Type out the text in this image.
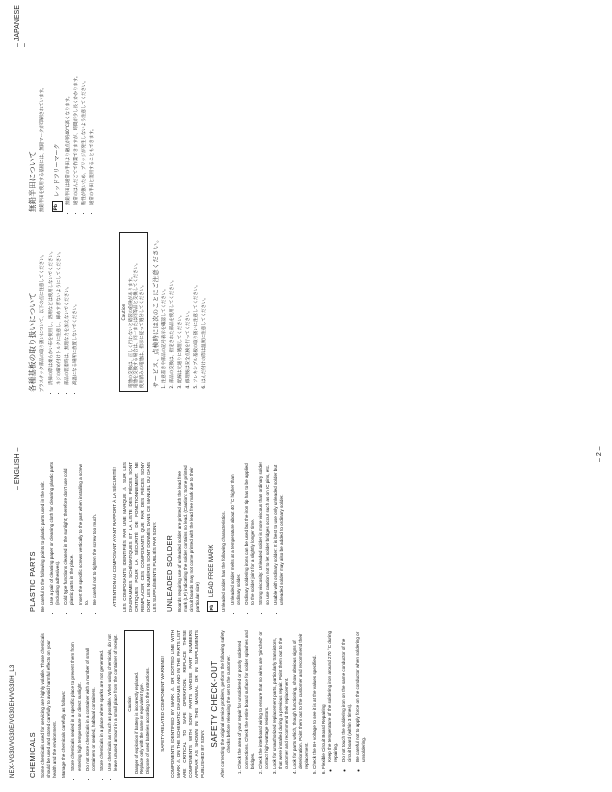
NEX-VG30/VG30E/VG30EH/VG30H_L3
– ENGLISH –
– JAPANESE –
CHEMICALS Some chemicals used for servicing are highly volatile. Those chemicals should be used and stored carefully to avoid harmful effects on your health and the environment. Manage the chemicals carefully as follows: • Store chemicals sealed in a specific place to prevent them from entering high temperature or direct sunlight. • Do not store chemicals in a container with a number of small containers or sealed, habitual containers. • Store chemicals in a place where sparks are not generated. • Use chemicals as much as possible. When using chemicals, do not leave unused amount in a small place from the container of receipt. Caution Danger of explosion if battery is incorrectly replaced. Replace only with the same or equivalent type. Dispose of used batteries according to the instructions. SAFETY-RELATED COMPONENT WARNING! COMPONENTS IDENTIFIED BY MARK ⚠ OR DOTTED LINE WITH MARK ⚠ ON THE SCHEMATIC DIAGRAMS AND IN THE PARTS LIST ARE CRITICAL TO SAFE OPERATION. REPLACE THESE COMPONENTS WITH SONY PARTS WHOSE PART NUMBERS APPEAR AS SHOWN IN THIS MANUAL OR IN SUPPLEMENTS PUBLISHED BY SONY.

SAFETY CHECK-OUT After correcting the original service problem, perform the following safety checks before releasing the set to the customer. 1. Check the area of your repair for unsoldered or poorly soldered connections. Check the entire board surface for solder splashes and bridges. 2. Check the interboard wiring to ensure that no wires are "pinched" or contact high-wattage resistors. 3. Look for unauthorized replacement parts, particularly transistors, that were installed during a previous repair. Point them out to the customer and recommend their replacement. 4. Look for parts which, though functioning, show obvious signs of deterioration. Point them out to the customer and recommend their replacement. 5. Check the B+ voltage to see it is at the values specified. 6. Flexible Circuit Board Repairing ◦ Keep the temperature of the soldering iron around 270 °C during repairing. ◦ Do not touch the soldering iron on the same conductor of the circuit board (within 3 times). ◦ Be careful not to apply force on the conductor when soldering or unsoldering.
PLASTIC PARTS Be careful to the following points to plastic parts used in the unit. • Use a pair of cleaning paper or cleaning cloth for cleaning plastic parts (including adhesives). • Cold type functions cleaned in the sunlight; therefore don't use cold plastic parts in the place. • Insert the specific screws vertically to the part when installing a screw to. • Be careful not to tighten the screw too much.	ATTENTION AU COMPOSANT AYANT RAPPORT À LA SÉCURITÉ! LES COMPOSANTS IDENTIFIÉS PAR UNE MARQUE ⚠ SUR LES DIAGRAMMES SCHÉMATIQUES ET LA LISTE DES PIÈCES SONT CRITIQUES POUR LA SÉCURITÉ DE FONCTIONNEMENT. NE REMPLACER CES COMPOSANTS QUE PAR DES PIÈCES SONY DONT LES NUMÉROS SONT DONNÉS DANS CE MANUEL OU DANS LES SUPPLÉMENTS PUBLIÉS PAR SONY. UNLEADED SOLDER Boards requiring use of unleaded solder are printed with the lead free mark (LF) indicating the solder contains no lead. (Caution: Some printed circuit boards may not come printed with the lead free mark due to their particular size)

Pb
LEAD FREE MARK Unleaded solder has the following characteristics. • Unleaded solder melts at a temperature about 40 °C higher than ordinary solder. • Ordinary soldering irons can be used but the iron tip has to be applied to the solder joint for a slightly longer time. • Strong viscosity: Unleaded solder is more viscous than ordinary solder so use caution not to let solder bridges occur such as on IC pins, etc. • Usable with ordinary solder: It is best to use only unleaded solder but unleaded solder may also be added to ordinary solder.
各種基板の取り扱いについて プラスチック部品の取り扱いについて、以下の点に注意してください。 • 清掃の際は柔らかい布を使用し、溶剤などは使用しないでください。 • ネジの締め付けトルクに注意し、締めすぎないようにしてください。 • 部品の装着時は、無理な力を加えないでください。 • 高温になる場所に放置しないでください。	Caution 電池の交換は、正しく行わないと破裂の危険があります。 電池を交換する場合は、同一または同等品と交換してください。 使用済みの電池は、指示に従って処分してください。 サービス、点検時には次のことにご注意ください。 1. 注意書きや部品の記号表示を確認してください。 2. 部品の交換は、指定された部品を使用してください。 3. 配線は元通りに処理してください。 4. 修理後は安全点検を行ってください。 5. フレキシブル基板の取り扱いに注意してください。 6. はんだ付けの際は温度に注意してください。
無鉛半田について 無鉛半田を使用する基板には、無鉛マークが印刷されています。

Pb レッドフリーマーク • 無鉛半田は通常の半田より融点が約40℃高くなります。 • 通常のはんだごてで作業できますが、時間が少し長くかかります。 • 粘性が強いため、ブリッジが発生しないよう注意してください。 • 通常の半田と混用することもできます。
– 2 –
